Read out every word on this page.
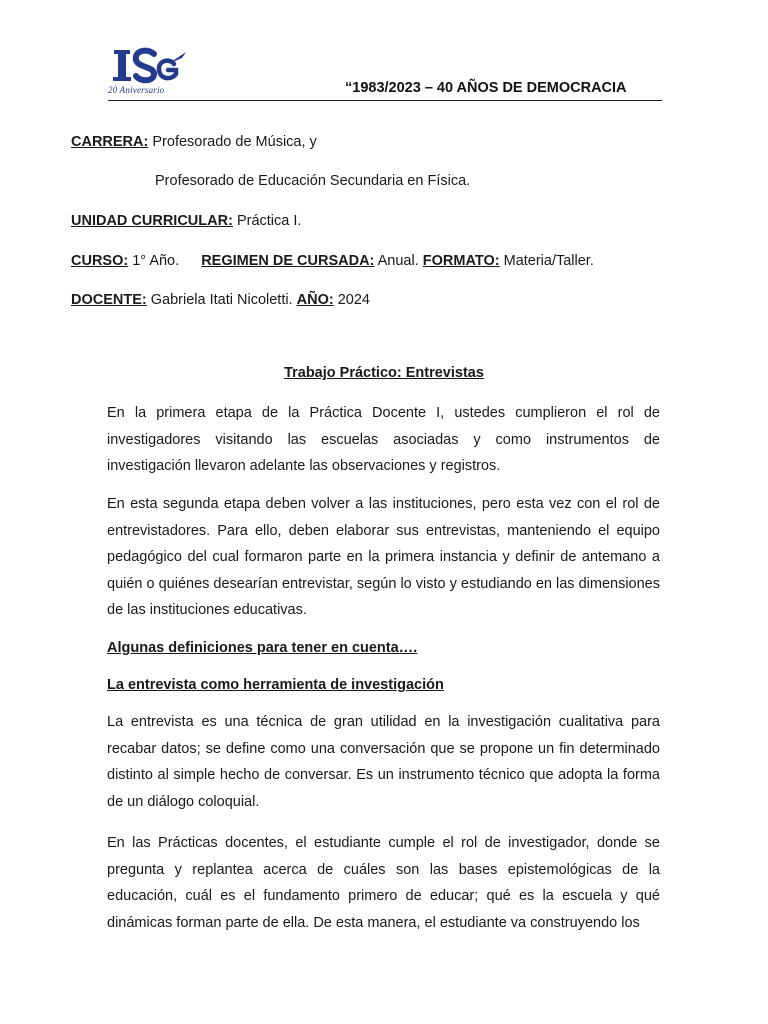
20 Aniversario	“1983/2023 – 40 AÑOS DE DEMOCRACIA
CARRERA: Profesorado de Música, y
Profesorado de Educación Secundaria en Física.
UNIDAD CURRICULAR: Práctica I.
CURSO: 1° Año. REGIMEN DE CURSADA: Anual. FORMATO: Materia/Taller.
DOCENTE: Gabriela Itati Nicoletti. AÑO: 2024
Trabajo Práctico: Entrevistas

En la primera etapa de la Práctica Docente I, ustedes cumplieron el rol de investigadores visitando las escuelas asociadas y como instrumentos de investigación llevaron adelante las observaciones y registros.

En esta segunda etapa deben volver a las instituciones, pero esta vez con el rol de entrevistadores. Para ello, deben elaborar sus entrevistas, manteniendo el equipo pedagógico del cual formaron parte en la primera instancia y definir de antemano a quién o quiénes desearían entrevistar, según lo visto y estudiando en las dimensiones de las instituciones educativas.

Algunas definiciones para tener en cuenta….
La entrevista como herramienta de investigación

La entrevista es una técnica de gran utilidad en la investigación cualitativa para recabar datos; se define como una conversación que se propone un fin determinado distinto al simple hecho de conversar. Es un instrumento técnico que adopta la forma de un diálogo coloquial.

En las Prácticas docentes, el estudiante cumple el rol de investigador, donde se pregunta y replantea acerca de cuáles son las bases epistemológicas de la educación, cuál es el fundamento primero de educar; qué es la escuela y qué dinámicas forman parte de ella. De esta manera, el estudiante va construyendo los
